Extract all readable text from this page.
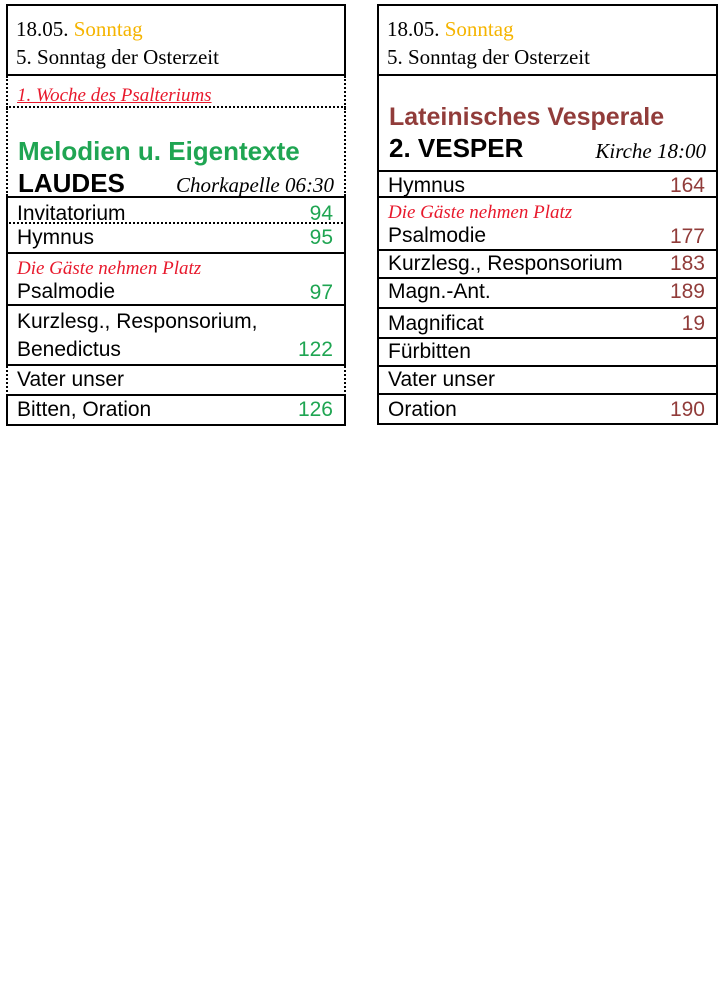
18.05. Sonntag
5. Sonntag der Osterzeit
1. Woche des Psalteriums
Melodien u. Eigentexte
LAUDES Chorkapelle 06:30
Invitatorium	94
Hymnus	95
Die Gäste nehmen Platz
Psalmodie	97
Kurzlesg., Responsorium,
Benedictus	122
Vater unser
Bitten, Oration	126
18.05. Sonntag
5. Sonntag der Osterzeit
Lateinisches Vesperale
2. VESPER	Kirche 18:00
Hymnus	164
Die Gäste nehmen Platz
Psalmodie	177
Kurzlesg., Responsorium 183
Magn.-Ant.	189
Magnificat	19
Fürbitten
Vater unser
Oration	190
